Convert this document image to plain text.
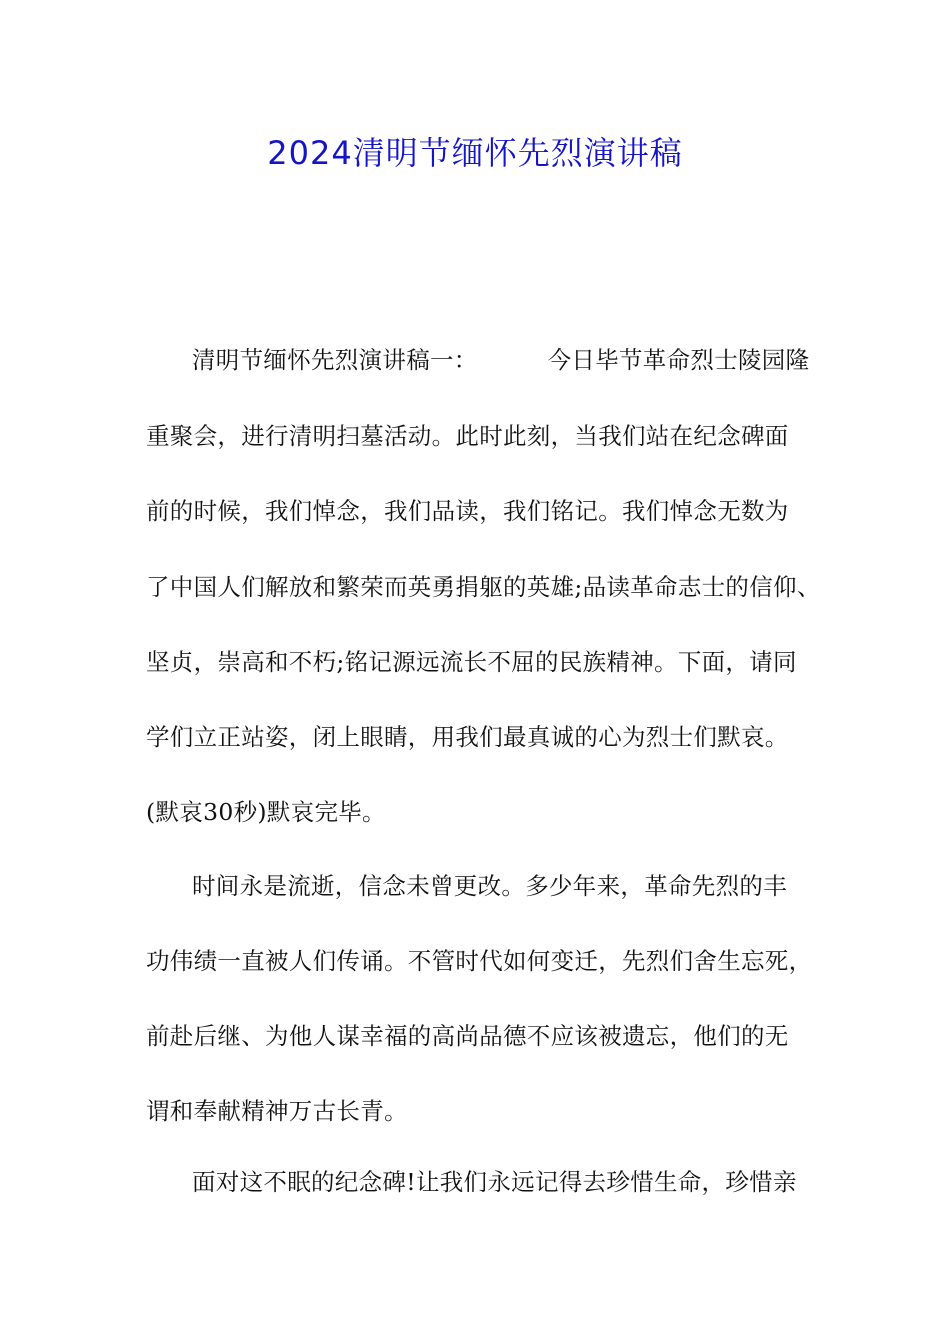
2024清明节缅怀先烈演讲稿
清明节缅怀先烈演讲稿一：	今日毕节革命烈士陵园隆
重聚会，进行清明扫墓活动。此时此刻，当我们站在纪念碑面
前的时候，我们悼念，我们品读，我们铭记。我们悼念无数为
了中国人们解放和繁荣而英勇捐躯的英雄;品读革命志士的信仰、
坚贞，崇高和不朽;铭记源远流长不屈的民族精神。下面，请同
学们立正站姿，闭上眼睛，用我们最真诚的心为烈士们默哀。
(默哀30秒)默哀完毕。
时间永是流逝，信念未曾更改。多少年来，革命先烈的丰
功伟绩一直被人们传诵。不管时代如何变迁，先烈们舍生忘死，
前赴后继、为他人谋幸福的高尚品德不应该被遗忘，他们的无
谓和奉献精神万古长青。
面对这不眠的纪念碑!让我们永远记得去珍惜生命，珍惜亲
